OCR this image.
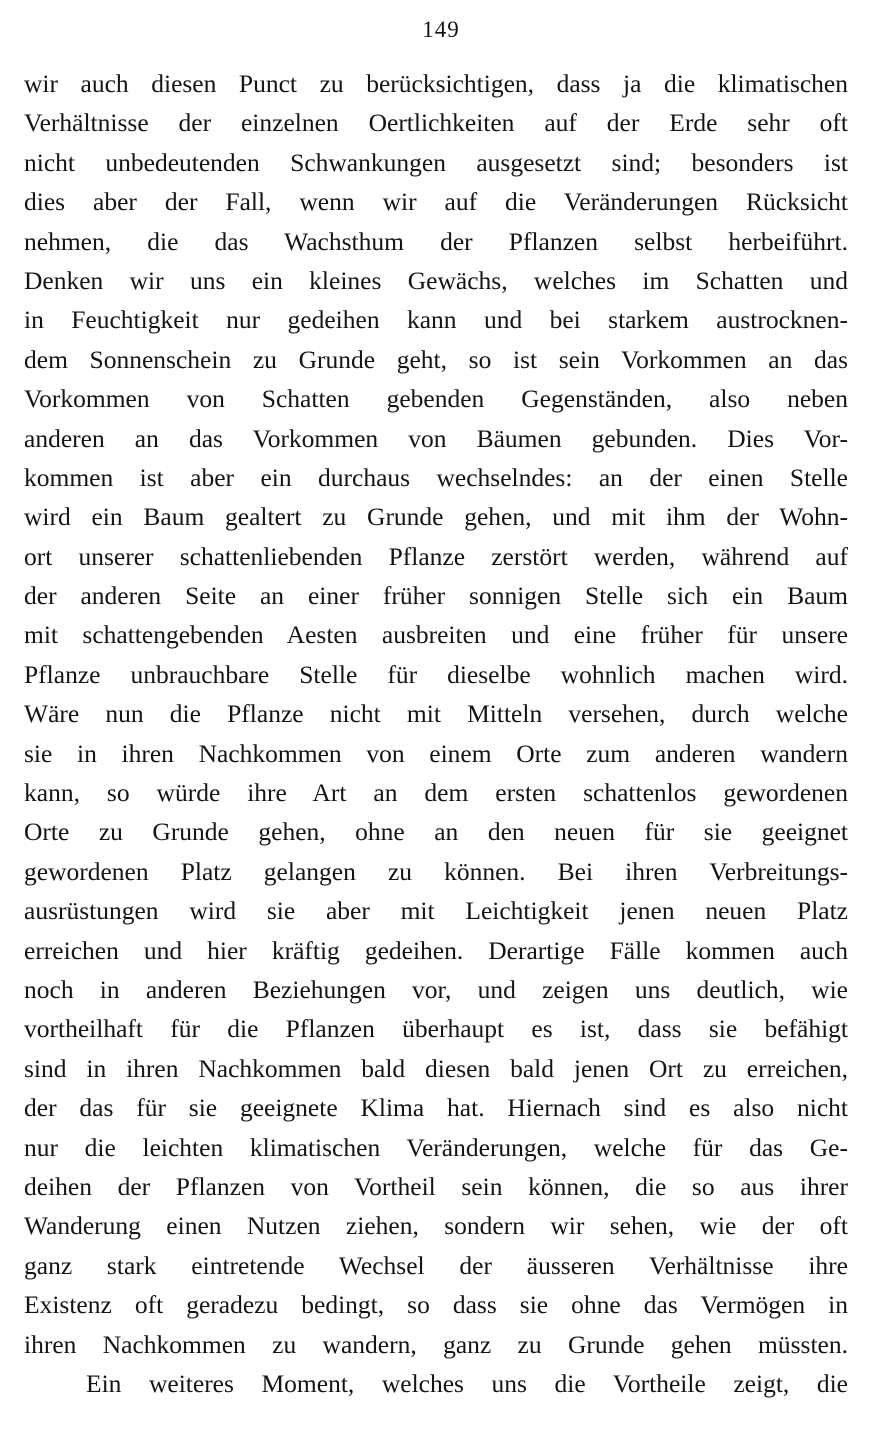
149
wir auch diesen Punct zu berücksichtigen, dass ja die klimatischen
Verhältnisse der einzelnen Oertlichkeiten auf der Erde sehr oft
nicht unbedeutenden Schwankungen ausgesetzt sind; besonders ist
dies aber der Fall, wenn wir auf die Veränderungen Rücksicht
nehmen, die das Wachsthum der Pflanzen selbst herbeiführt.
Denken wir uns ein kleines Gewächs, welches im Schatten und
in Feuchtigkeit nur gedeihen kann und bei starkem austrocknen-
dem Sonnenschein zu Grunde geht, so ist sein Vorkommen an das
Vorkommen von Schatten gebenden Gegenständen, also neben
anderen an das Vorkommen von Bäumen gebunden. Dies Vor-
kommen ist aber ein durchaus wechselndes: an der einen Stelle
wird ein Baum gealtert zu Grunde gehen, und mit ihm der Wohn-
ort unserer schattenliebenden Pflanze zerstört werden, während auf
der anderen Seite an einer früher sonnigen Stelle sich ein Baum
mit schattengebenden Aesten ausbreiten und eine früher für unsere
Pflanze unbrauchbare Stelle für dieselbe wohnlich machen wird.
Wäre nun die Pflanze nicht mit Mitteln versehen, durch welche
sie in ihren Nachkommen von einem Orte zum anderen wandern
kann, so würde ihre Art an dem ersten schattenlos gewordenen
Orte zu Grunde gehen, ohne an den neuen für sie geeignet
gewordenen Platz gelangen zu können. Bei ihren Verbreitungs-
ausrüstungen wird sie aber mit Leichtigkeit jenen neuen Platz
erreichen und hier kräftig gedeihen. Derartige Fälle kommen auch
noch in anderen Beziehungen vor, und zeigen uns deutlich, wie
vortheilhaft für die Pflanzen überhaupt es ist, dass sie befähigt
sind in ihren Nachkommen bald diesen bald jenen Ort zu erreichen,
der das für sie geeignete Klima hat. Hiernach sind es also nicht
nur die leichten klimatischen Veränderungen, welche für das Ge-
deihen der Pflanzen von Vortheil sein können, die so aus ihrer
Wanderung einen Nutzen ziehen, sondern wir sehen, wie der oft
ganz stark eintretende Wechsel der äusseren Verhältnisse ihre
Existenz oft geradezu bedingt, so dass sie ohne das Vermögen in
ihren Nachkommen zu wandern, ganz zu Grunde gehen müssten.
Ein weiteres Moment, welches uns die Vortheile zeigt, die
